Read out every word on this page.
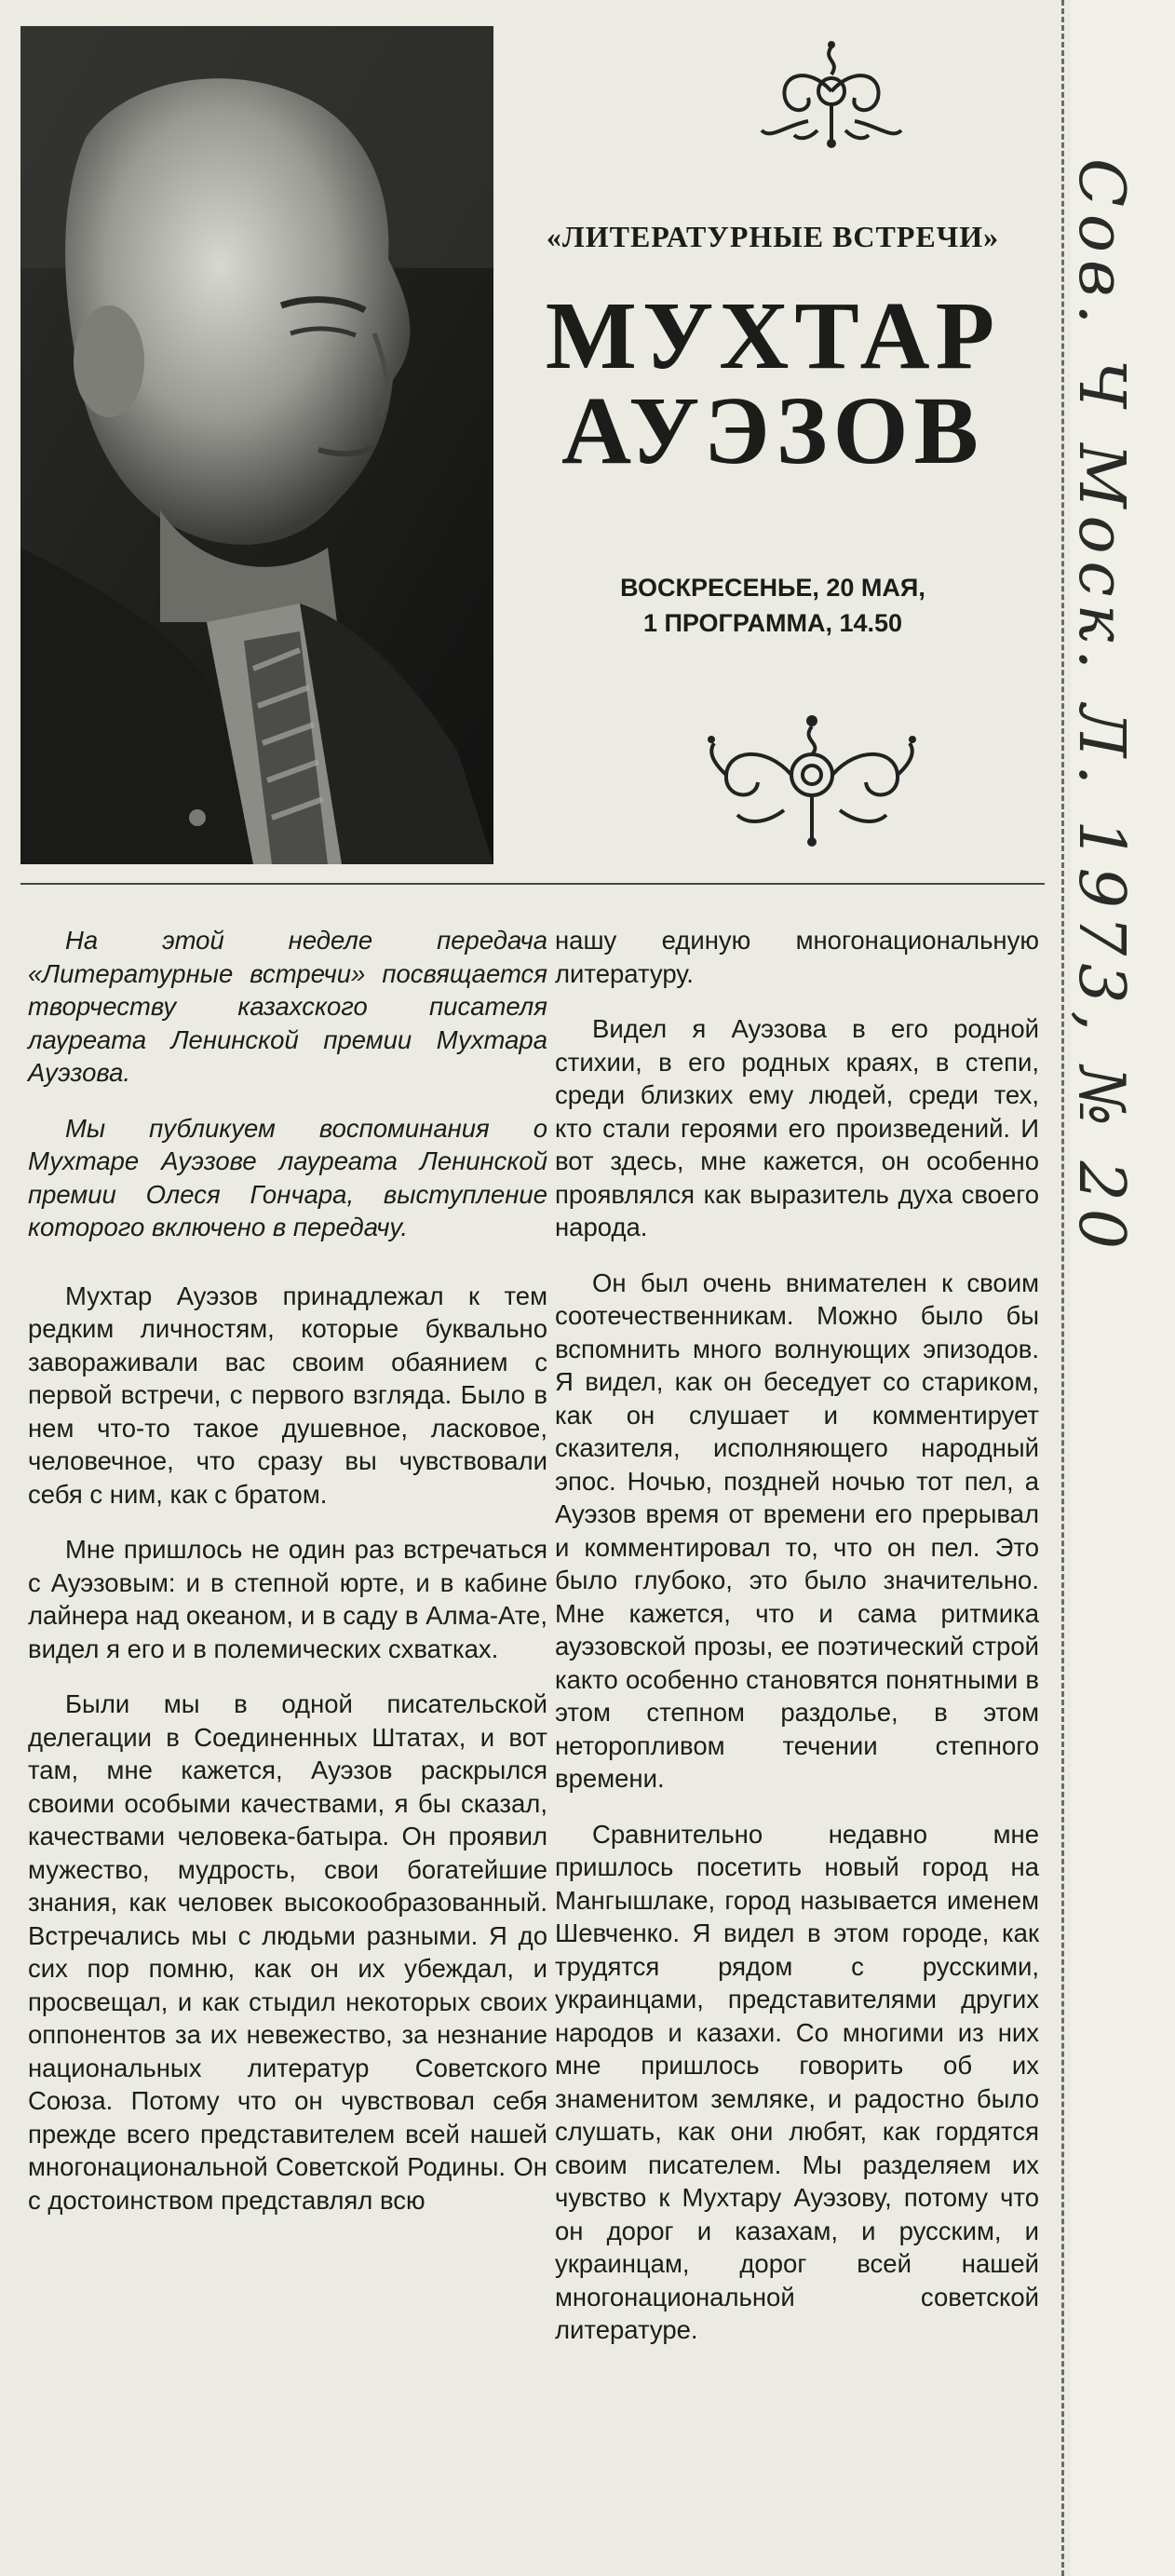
«ЛИТЕРАТУРНЫЕ ВСТРЕЧИ»
МУХТАР
АУЭЗОВ
ВОСКРЕСЕНЬЕ, 20 МАЯ,
1 ПРОГРАММА, 14.50

На этой неделе передача «Литературные встречи» посвящается творчеству казахского писателя лауреата Ленинской премии Мухтара Ауэзова.

Мы публикуем воспоминания о Мухтаре Ауэзове лауреата Ленинской премии Олеся Гончара, выступление которого включено в передачу.

Мухтар Ауэзов принадлежал к тем редким личностям, которые буквально завораживали вас своим обаянием с первой встречи, с первого взгляда. Было в нем что-то такое душевное, ласковое, человечное, что сразу вы чувствовали себя с ним, как с братом.

Мне пришлось не один раз встречаться с Ауэзовым: и в степной юрте, и в кабине лайнера над океаном, и в саду в Алма-Ате, видел я его и в полемических схватках.

Были мы в одной писательской делегации в Соединенных Штатах, и вот там, мне кажется, Ауэзов раскрылся своими особыми качествами, я бы сказал, качествами человека-батыра. Он проявил мужество, мудрость, свои богатейшие знания, как человек высокообразованный. Встречались мы с людьми разными. Я до сих пор помню, как он их убеждал, и просвещал, и как стыдил некоторых своих оппонентов за их невежество, за незнание национальных литератур Советского Союза. Потому что он чувствовал себя прежде всего представителем всей нашей многонациональной Советской Родины. Он с достоинством представлял всю

нашу единую многонациональную литературу.

Видел я Ауэзова в его родной стихии, в его родных краях, в степи, среди близких ему людей, среди тех, кто стали героями его произведений. И вот здесь, мне кажется, он особенно проявлялся как выразитель духа своего народа.

Он был очень внимателен к своим соотечественникам. Можно было бы вспомнить много волнующих эпизодов. Я видел, как он беседует со стариком, как он слушает и комментирует сказителя, исполняющего народный эпос. Ночью, поздней ночью тот пел, а Ауэзов время от времени его прерывал и комментировал то, что он пел. Это было глубоко, это было значительно. Мне кажется, что и сама ритмика ауэзовской прозы, ее поэтический строй както особенно становятся понятными в этом степном раздолье, в этом неторопливом течении степного времени.

Сравнительно недавно мне пришлось посетить новый город на Мангышлаке, город называется именем Шевченко. Я видел в этом городе, как трудятся рядом с русскими, украинцами, представителями других народов и казахи. Со многими из них мне пришлось говорить об их знаменитом земляке, и радостно было слушать, как они любят, как гордятся своим писателем. Мы разделяем их чувство к Мухтару Ауэзову, потому что он дорог и казахам, и русским, и украинцам, дорог всей нашей многонациональной советской литературе.

Сов. Ч Моск. Л. 1973, № 20
